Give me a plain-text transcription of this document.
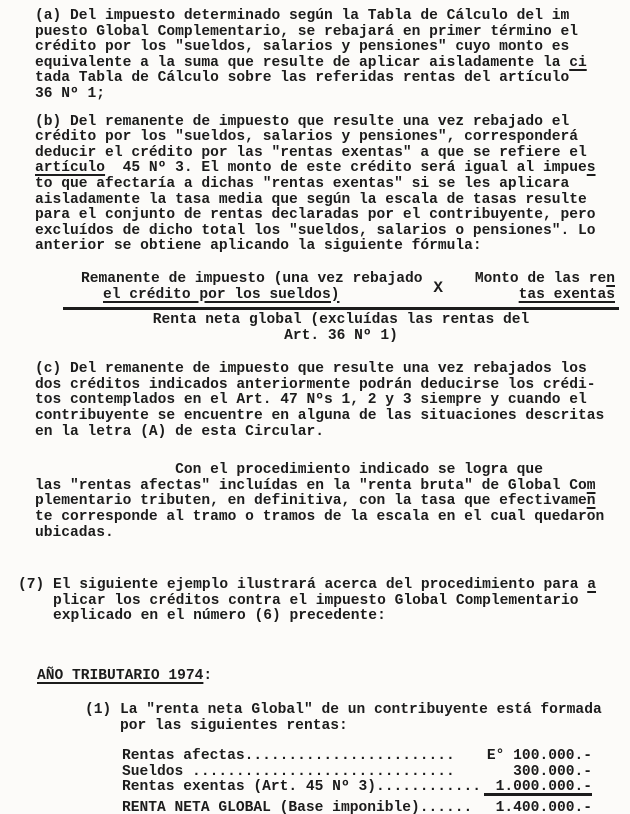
(a) Del impuesto determinado según la Tabla de Cálculo del im
puesto Global Complementario, se rebajará en primer término el
crédito por los "sueldos, salarios y pensiones" cuyo monto es
equivalente a la suma que resulte de aplicar aisladamente la ci
tada Tabla de Cálculo sobre las referidas rentas del artículo
36 Nº 1;
(b) Del remanente de impuesto que resulte una vez rebajado el
crédito por los "sueldos, salarios y pensiones", corresponderá
deducir el crédito por las "rentas exentas" a que se refiere el
artículo  45 Nº 3. El monto de este crédito será igual al impues
to que afectaría a dichas "rentas exentas" si se les aplicara
aisladamente la tasa media que según la escala de tasas resulte
para el conjunto de rentas declaradas por el contribuyente, pero
excluídos de dicho total los "sueldos, salarios o pensiones". Lo
anterior se obtiene aplicando la siguiente fórmula:
Remanente de impuesto (una vez rebajado
el crédito por los sueldos)	X	Monto de las ren
tas exentas
Renta neta global (excluídas las rentas del
Art. 36 Nº 1)
(c) Del remanente de impuesto que resulte una vez rebajados los
dos créditos indicados anteriormente podrán deducirse los crédi-
tos contemplados en el Art. 47 Nºs 1, 2 y 3 siempre y cuando el
contribuyente se encuentre en alguna de las situaciones descritas
en la letra (A) de esta Circular.
Con el procedimiento indicado se logra que
las "rentas afectas" incluídas en la "renta bruta" de Global Com
plementario tributen, en definitiva, con la tasa que efectivamen
te corresponde al tramo o tramos de la escala en el cual quedaron
ubicadas.
(7) El siguiente ejemplo ilustrará acerca del procedimiento para a
plicar los créditos contra el impuesto Global Complementario
explicado en el número (6) precedente:
AÑO TRIBUTARIO 1974:
(1) La "renta neta Global" de un contribuyente está formada
por las siguientes rentas:
Rentas afectas........................ E° 100.000.-
Sueldos ..............................	300.000.-
Rentas exentas (Art. 45 Nº 3)............ 1.000.000.-
RENTA NETA GLOBAL (Base imponible)......	1.400.000.-
